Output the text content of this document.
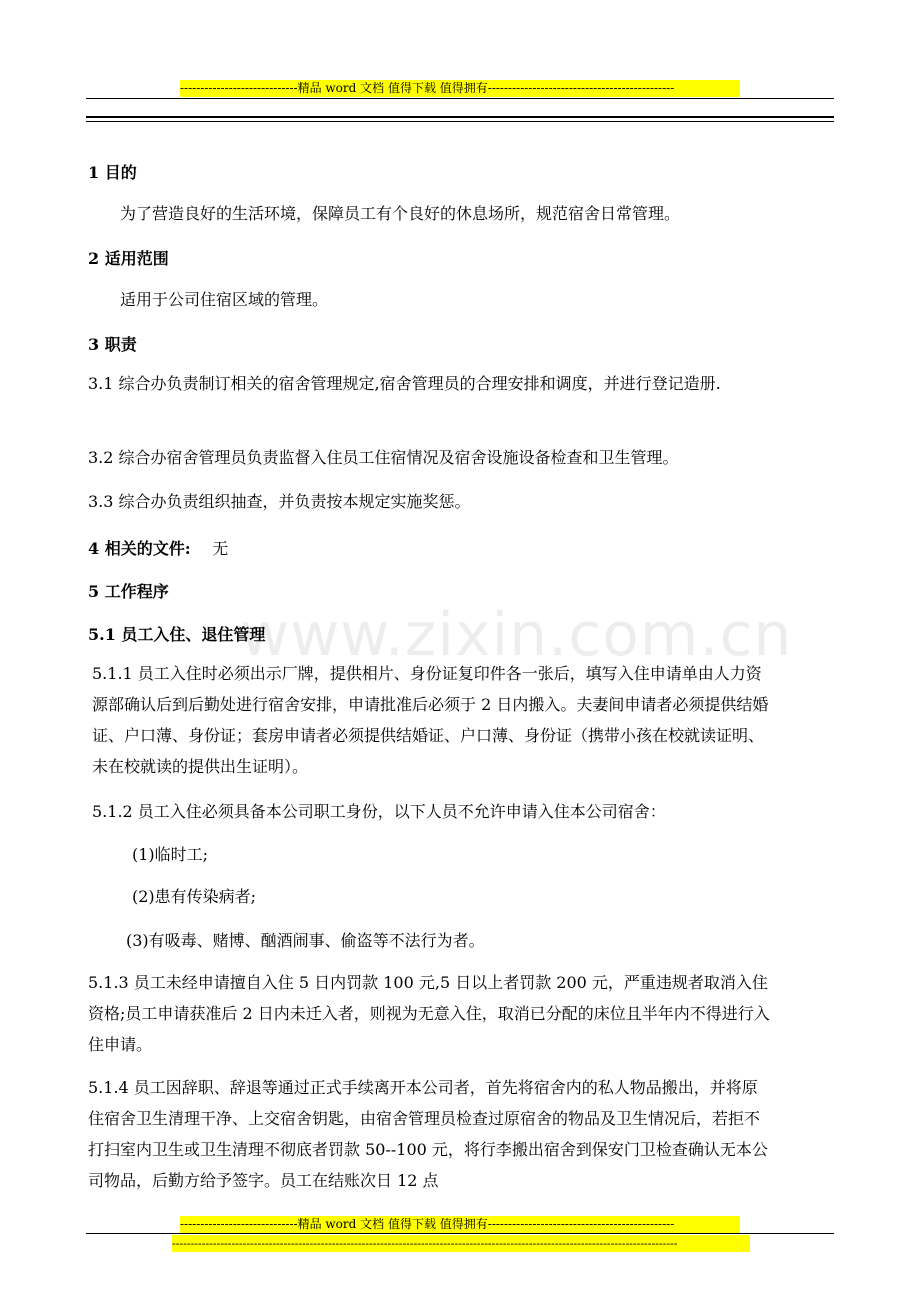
-----------------------------精品 word 文档 值得下载 值得拥有----------------------------------------------
www.zixin.com.cn
1 目的
为了营造良好的生活环境，保障员工有个良好的休息场所，规范宿舍日常管理。
2 适用范围
适用于公司住宿区域的管理。
3 职责
3.1 综合办负责制订相关的宿舍管理规定,宿舍管理员的合理安排和调度，并进行登记造册.
3.2 综合办宿舍管理员负责监督入住员工住宿情况及宿舍设施设备检查和卫生管理。
3.3 综合办负责组织抽查，并负责按本规定实施奖惩。
4 相关的文件: 无
5 工作程序
5.1 员工入住、退住管理
5.1.1 员工入住时必须出示厂牌，提供相片、身份证复印件各一张后，填写入住申请单由人力资源部确认后到后勤处进行宿舍安排，申请批准后必须于 2 日内搬入。夫妻间申请者必须提供结婚证、户口薄、身份证；套房申请者必须提供结婚证、户口薄、身份证（携带小孩在校就读证明、未在校就读的提供出生证明）。
5.1.2 员工入住必须具备本公司职工身份，以下人员不允许申请入住本公司宿舍：
(1)临时工;
(2)患有传染病者;
(3)有吸毒、赌博、酗酒闹事、偷盗等不法行为者。
5.1.3 员工未经申请擅自入住 5 日内罚款 100 元,5 日以上者罚款 200 元，严重违规者取消入住资格;员工申请获准后 2 日内未迁入者，则视为无意入住，取消已分配的床位且半年内不得进行入住申请。
5.1.4 员工因辞职、辞退等通过正式手续离开本公司者，首先将宿舍内的私人物品搬出，并将原住宿舍卫生清理干净、上交宿舍钥匙，由宿舍管理员检查过原宿舍的物品及卫生情况后，若拒不打扫室内卫生或卫生清理不彻底者罚款 50--100 元，将行李搬出宿舍到保安门卫检查确认无本公司物品，后勤方给予签字。员工在结账次日 12 点
-----------------------------精品 word 文档 值得下载 值得拥有----------------------------------------------
----------------------------------------------------------------------------------------------------------------------------------------
